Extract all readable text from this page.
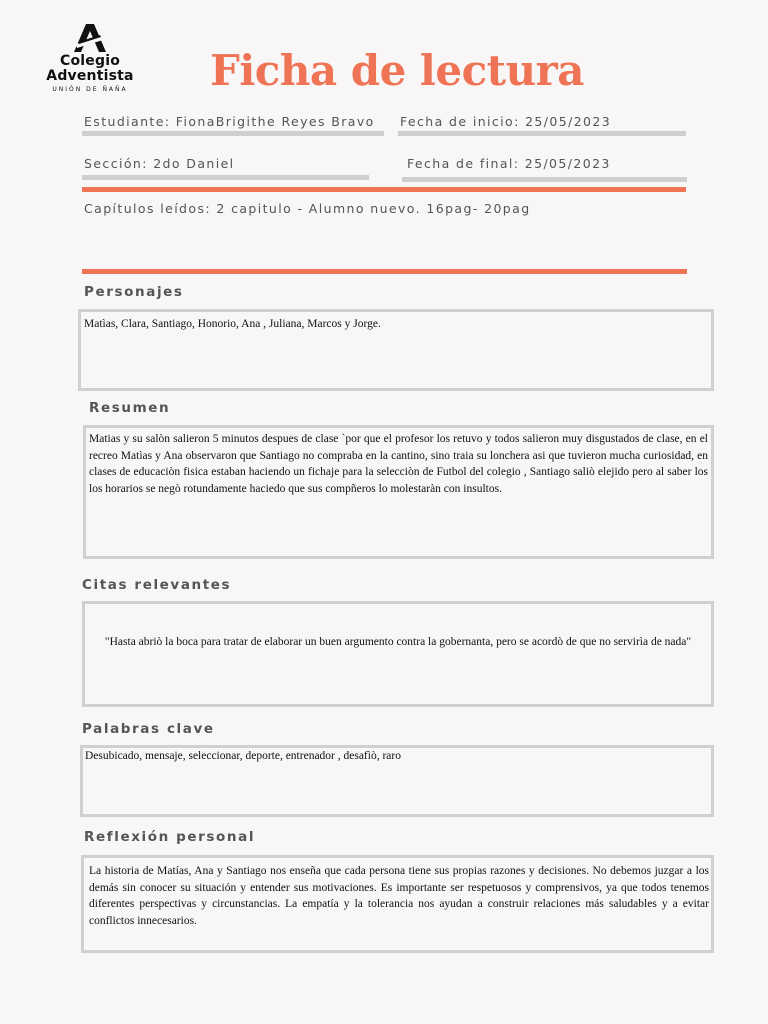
Colegio
Adventista
UNIÓN DE ÑAÑA Ficha de lectura
Estudiante: FionaBrigithe Reyes Bravo Fecha de inicio: 25/05/2023
Sección: 2do Daniel	Fecha de final: 25/05/2023
Capítulos leídos: 2 capitulo - Alumno nuevo. 16pag- 20pag
Personajes
Matìas, Clara, Santiago, Honorio, Ana , Juliana, Marcos y Jorge.
Resumen
Matias y su salòn salieron 5 minutos despues de clase `por que el profesor los retuvo y todos salieron muy disgustados de clase, en el recreo Matìas y Ana observaron que Santiago no compraba en la cantino, sino traia su lonchera asi que tuvieron mucha curiosidad, en clases de educaciòn fisica estaban haciendo un fichaje para la selecciòn de Futbol del colegio , Santiago saliò elejido pero al saber los los horarios se negò rotundamente haciedo que sus compñeros lo molestaràn con insultos.
Citas relevantes
"Hasta abriò la boca para tratar de elaborar un buen argumento contra la gobernanta, pero se acordò de que no servirìa de nada"
Palabras clave
Desubicado, mensaje, seleccionar, deporte, entrenador , desafìò, raro
Reflexión personal
La historia de Matías, Ana y Santiago nos enseña que cada persona tiene sus propias razones y decisiones. No debemos juzgar a los demás sin conocer su situación y entender sus motivaciones. Es importante ser respetuosos y comprensivos, ya que todos tenemos diferentes perspectivas y circunstancias. La empatía y la tolerancia nos ayudan a construir relaciones más saludables y a evitar conflictos innecesarios.
